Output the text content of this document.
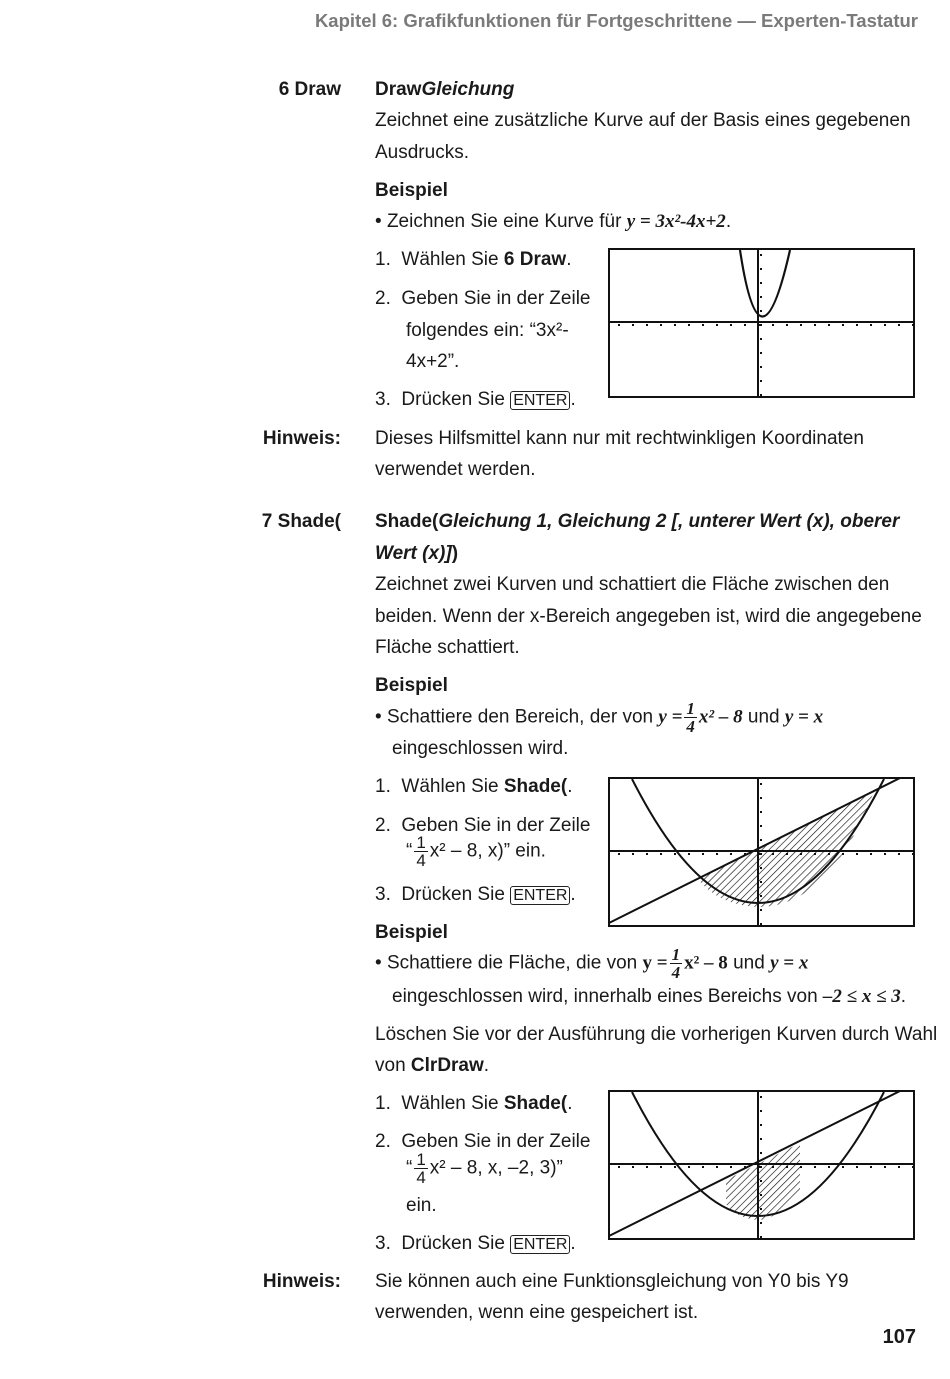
Kapitel 6: Grafikfunktionen für Fortgeschrittene — Experten-Tastatur
6 Draw DrawGleichung
Zeichnet eine zusätzliche Kurve auf der Basis eines gegebenen
Ausdrucks.
Beispiel
• Zeichnen Sie eine Kurve für y = 3x²-4x+2.
1. Wählen Sie 6 Draw.
2. Geben Sie in der Zeile
folgendes ein: “3x²-
4x+2”.
3. Drücken Sie ENTER .
Hinweis: Dieses Hilfsmittel kann nur mit rechtwinkligen Koordinaten
verwendet werden.
7 Shade( Shade(Gleichung 1, Gleichung 2 [, unterer Wert (x), oberer
Wert (x)])
Zeichnet zwei Kurven und schattiert die Fläche zwischen den
beiden. Wenn der x-Bereich angegeben ist, wird die angegebene
Fläche schattiert.
Beispiel
• Schattiere den Bereich, der von $y = \frac{1}{4} x^2 - 8$ und y = x
eingeschlossen wird.
1.  Wählen Sie Shade(.
2.  Geben Sie in der Zeile
“ $\frac{1}{4} x^2 - 8$, x)” ein.
3.  Drücken Sie ENTER .
Beispiel
• Schattiere die Fläche, die von $y = \frac{1}{4} x^2 - 8$ und y = x
eingeschlossen wird, innerhalb eines Bereichs von –2 ≤ x ≤ 3.
Löschen Sie vor der Ausführung die vorherigen Kurven durch Wahl
von ClrDraw.
1.  Wählen Sie Shade(.
2.  Geben Sie in der Zeile
“ $\frac{1}{4} x^2 - 8$, x, –2, 3)”
ein.
3.  Drücken Sie ENTER .
Hinweis: Sie können auch eine Funktionsgleichung von Y0 bis Y9
verwenden, wenn eine gespeichert ist.
107
